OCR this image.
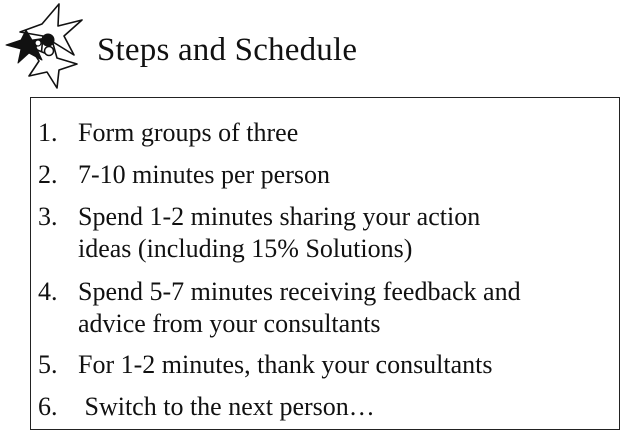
Steps and Schedule
1. Form groups of three
2. 7-10 minutes per person
3. Spend 1-2 minutes sharing your action
ideas (including 15% Solutions)
4. Spend 5-7 minutes receiving feedback and
advice from your consultants
5. For 1-2 minutes, thank your consultants
6. Switch to the next person…
